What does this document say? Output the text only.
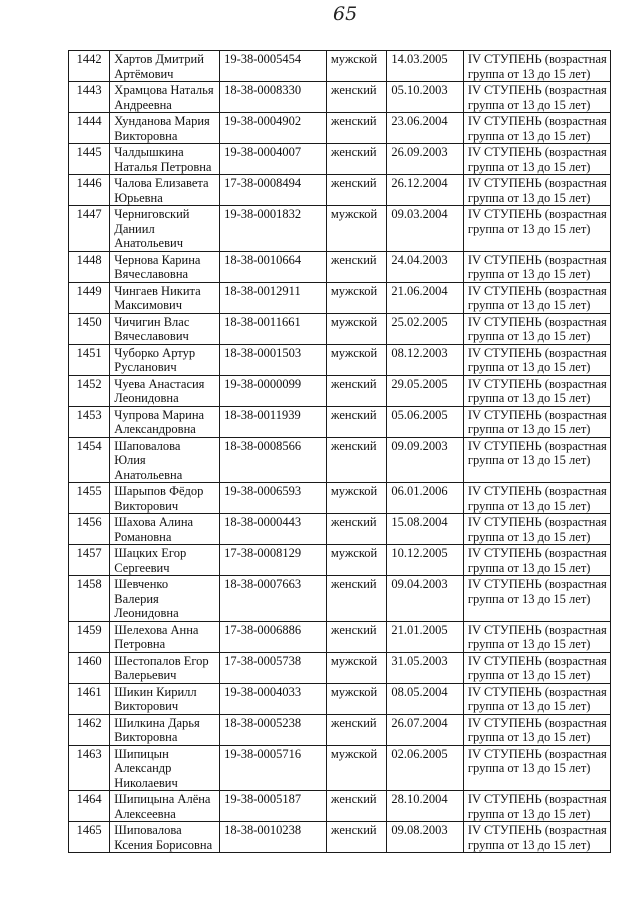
65
1442	Хартов Дмитрий
Артёмович	19-38-0005454	мужской	14.03.2005	IV СТУПЕНЬ (возрастная
группа от 13 до 15 лет)

1443	Храмцова Наталья
Андреевна	18-38-0008330	женский	05.10.2003	IV СТУПЕНЬ (возрастная
группа от 13 до 15 лет)

1444	Хунданова Мария
Викторовна	19-38-0004902	женский	23.06.2004	IV СТУПЕНЬ (возрастная
группа от 13 до 15 лет)

1445	Чалдышкина
Наталья Петровна	19-38-0004007	женский	26.09.2003	IV СТУПЕНЬ (возрастная
группа от 13 до 15 лет)

1446	Чалова Елизавета
Юрьевна	17-38-0008494	женский	26.12.2004	IV СТУПЕНЬ (возрастная
группа от 13 до 15 лет)

1447	Черниговский
Даниил
Анатольевич	19-38-0001832	мужской	09.03.2004	IV СТУПЕНЬ (возрастная
группа от 13 до 15 лет)

1448	Чернова Карина
Вячеславовна	18-38-0010664	женский	24.04.2003	IV СТУПЕНЬ (возрастная
группа от 13 до 15 лет)

1449	Чингаев Никита
Максимович	18-38-0012911	мужской	21.06.2004	IV СТУПЕНЬ (возрастная
группа от 13 до 15 лет)

1450	Чичигин Влас
Вячеславович	18-38-0011661	мужской	25.02.2005	IV СТУПЕНЬ (возрастная
группа от 13 до 15 лет)

1451	Чуборко Артур
Русланович	18-38-0001503	мужской	08.12.2003	IV СТУПЕНЬ (возрастная
группа от 13 до 15 лет)

1452	Чуева Анастасия
Леонидовна	19-38-0000099	женский	29.05.2005	IV СТУПЕНЬ (возрастная
группа от 13 до 15 лет)

1453	Чупрова Марина
Александровна	18-38-0011939	женский	05.06.2005	IV СТУПЕНЬ (возрастная
группа от 13 до 15 лет)

1454	Шаповалова
Юлия
Анатольевна	18-38-0008566	женский	09.09.2003	IV СТУПЕНЬ (возрастная
группа от 13 до 15 лет)

1455	Шарыпов Фёдор
Викторович	19-38-0006593	мужской	06.01.2006	IV СТУПЕНЬ (возрастная
группа от 13 до 15 лет)

1456	Шахова Алина
Романовна	18-38-0000443	женский	15.08.2004	IV СТУПЕНЬ (возрастная
группа от 13 до 15 лет)

1457	Шацких Егор
Сергеевич	17-38-0008129	мужской	10.12.2005	IV СТУПЕНЬ (возрастная
группа от 13 до 15 лет)

1458	Шевченко
Валерия
Леонидовна	18-38-0007663	женский	09.04.2003	IV СТУПЕНЬ (возрастная
группа от 13 до 15 лет)

1459	Шелехова Анна
Петровна	17-38-0006886	женский	21.01.2005	IV СТУПЕНЬ (возрастная
группа от 13 до 15 лет)

1460	Шестопалов Егор
Валерьевич	17-38-0005738	мужской	31.05.2003	IV СТУПЕНЬ (возрастная
группа от 13 до 15 лет)

1461	Шикин Кирилл
Викторович	19-38-0004033	мужской	08.05.2004	IV СТУПЕНЬ (возрастная
группа от 13 до 15 лет)

1462	Шилкина Дарья
Викторовна	18-38-0005238	женский	26.07.2004	IV СТУПЕНЬ (возрастная
группа от 13 до 15 лет)

1463	Шипицын
Александр
Николаевич	19-38-0005716	мужской	02.06.2005	IV СТУПЕНЬ (возрастная
группа от 13 до 15 лет)

1464	Шипицына Алёна
Алексеевна	19-38-0005187	женский	28.10.2004	IV СТУПЕНЬ (возрастная
группа от 13 до 15 лет)

1465	Шиповалова
Ксения Борисовна	18-38-0010238	женский	09.08.2003	IV СТУПЕНЬ (возрастная
группа от 13 до 15 лет)
